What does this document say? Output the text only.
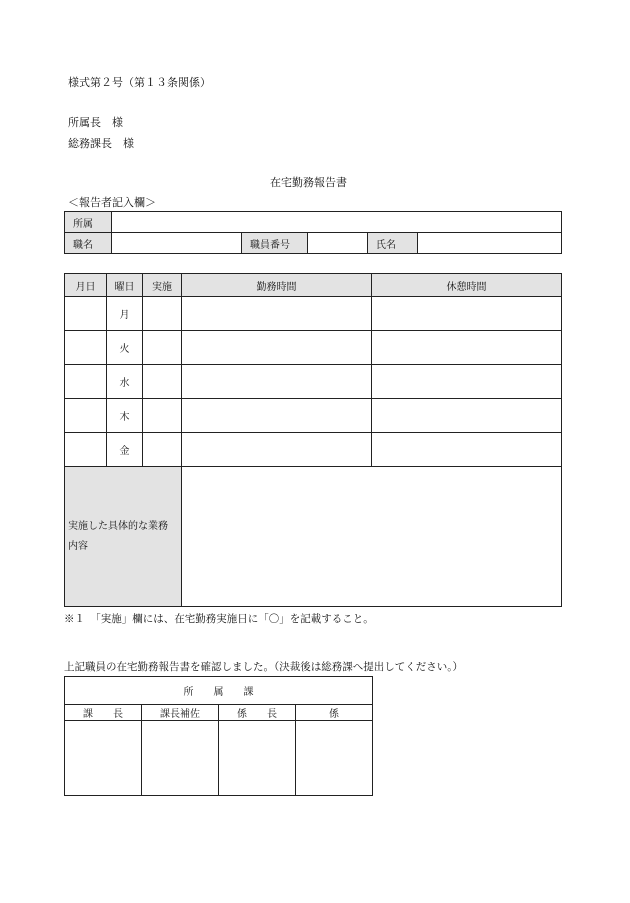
様式第２号（第１３条関係）
所属長　様
総務課長　様
在宅勤務報告書
＜報告者記入欄＞
所属					
職名		職員番号		氏名	
月日	曜日	実施	勤務時間	休憩時間
	月			
	火			
	水			
	木			
	金			

実施した具体的な業務内容				

※１　「実施」欄には、在宅勤務実施日に「〇」を記載すること。
上記職員の在宅勤務報告書を確認しました。（決裁後は総務課へ提出してください。）
所　　属　　課			
課　　長	課長補佐	係　　長	係
